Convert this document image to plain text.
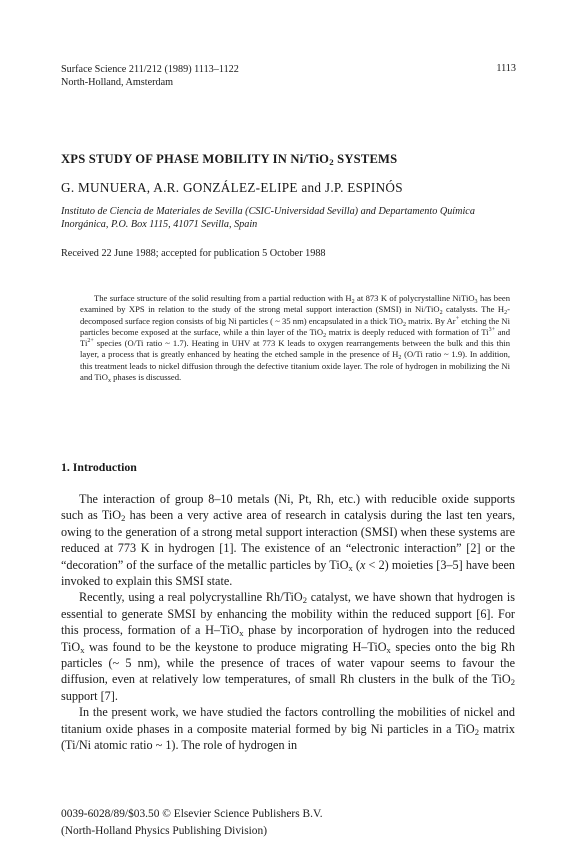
Surface Science 211/212 (1989) 1113–1122
North-Holland, Amsterdam
1113
XPS STUDY OF PHASE MOBILITY IN Ni/TiO$_2$ SYSTEMS
G. MUNUERA, A.R. GONZÁLEZ-ELIPE and J.P. ESPINÓS
Instituto de Ciencia de Materiales de Sevilla (CSIC-Universidad Sevilla) and Departamento Química Inorgánica, P.O. Box 1115, 41071 Sevilla, Spain
Received 22 June 1988; accepted for publication 5 October 1988
The surface structure of the solid resulting from a partial reduction with $H_2$ at 873 K of polycrystalline NiTiO$_3$ has been examined by XPS in relation to the study of the strong metal support interaction (SMSI) in Ni/TiO$_2$ catalysts. The $H_2$-decomposed surface region consists of big Ni particles ( ~ 35 nm) encapsulated in a thick TiO$_2$ matrix. By Ar+ etching the Ni particles become exposed at the surface, while a thin layer of the TiO$_2$ matrix is deeply reduced with formation of $Ti^{3+}$ and $Ti^{2+}$ species (O/Ti ratio ~ 1.7). Heating in UHV at 773 K leads to oxygen rearrangements between the bulk and this thin layer, a process that is greatly enhanced by heating the etched sample in the presence of $H_2$ (O/Ti ratio ~ 1.9). In addition, this treatment leads to nickel diffusion through the defective titanium oxide layer. The role of hydrogen in mobilizing the Ni and TiO$_x$ phases is discussed.
1. Introduction

The interaction of group 8–10 metals (Ni, Pt, Rh, etc.) with reducible oxide supports such as TiO$_2$ has been a very active area of research in catalysis during the last ten years, owing to the generation of a strong metal support interaction (SMSI) when these systems are reduced at 773 K in hydrogen [1]. The existence of an “electronic interaction” [2] or the “decoration” of the surface of the metallic particles by TiO$_x$ (x < 2) moieties [3–5] have been invoked to explain this SMSI state.

Recently, using a real polycrystalline Rh/TiO$_2$ catalyst, we have shown that hydrogen is essential to generate SMSI by enhancing the mobility within the reduced support [6]. For this process, formation of a H–TiO$_x$ phase by incorporation of hydrogen into the reduced TiO$_x$ was found to be the keystone to produce migrating H–TiO$_x$ species onto the big Rh particles (~ 5 nm), while the presence of traces of water vapour seems to favour the diffusion, even at relatively low temperatures, of small Rh clusters in the bulk of the TiO$_2$ support [7].

In the present work, we have studied the factors controlling the mobilities of nickel and titanium oxide phases in a composite material formed by big Ni particles in a TiO$_2$ matrix (Ti/Ni atomic ratio ~ 1). The role of hydrogen in

0039-6028/89/$03.50 © Elsevier Science Publishers B.V.
(North-Holland Physics Publishing Division)
